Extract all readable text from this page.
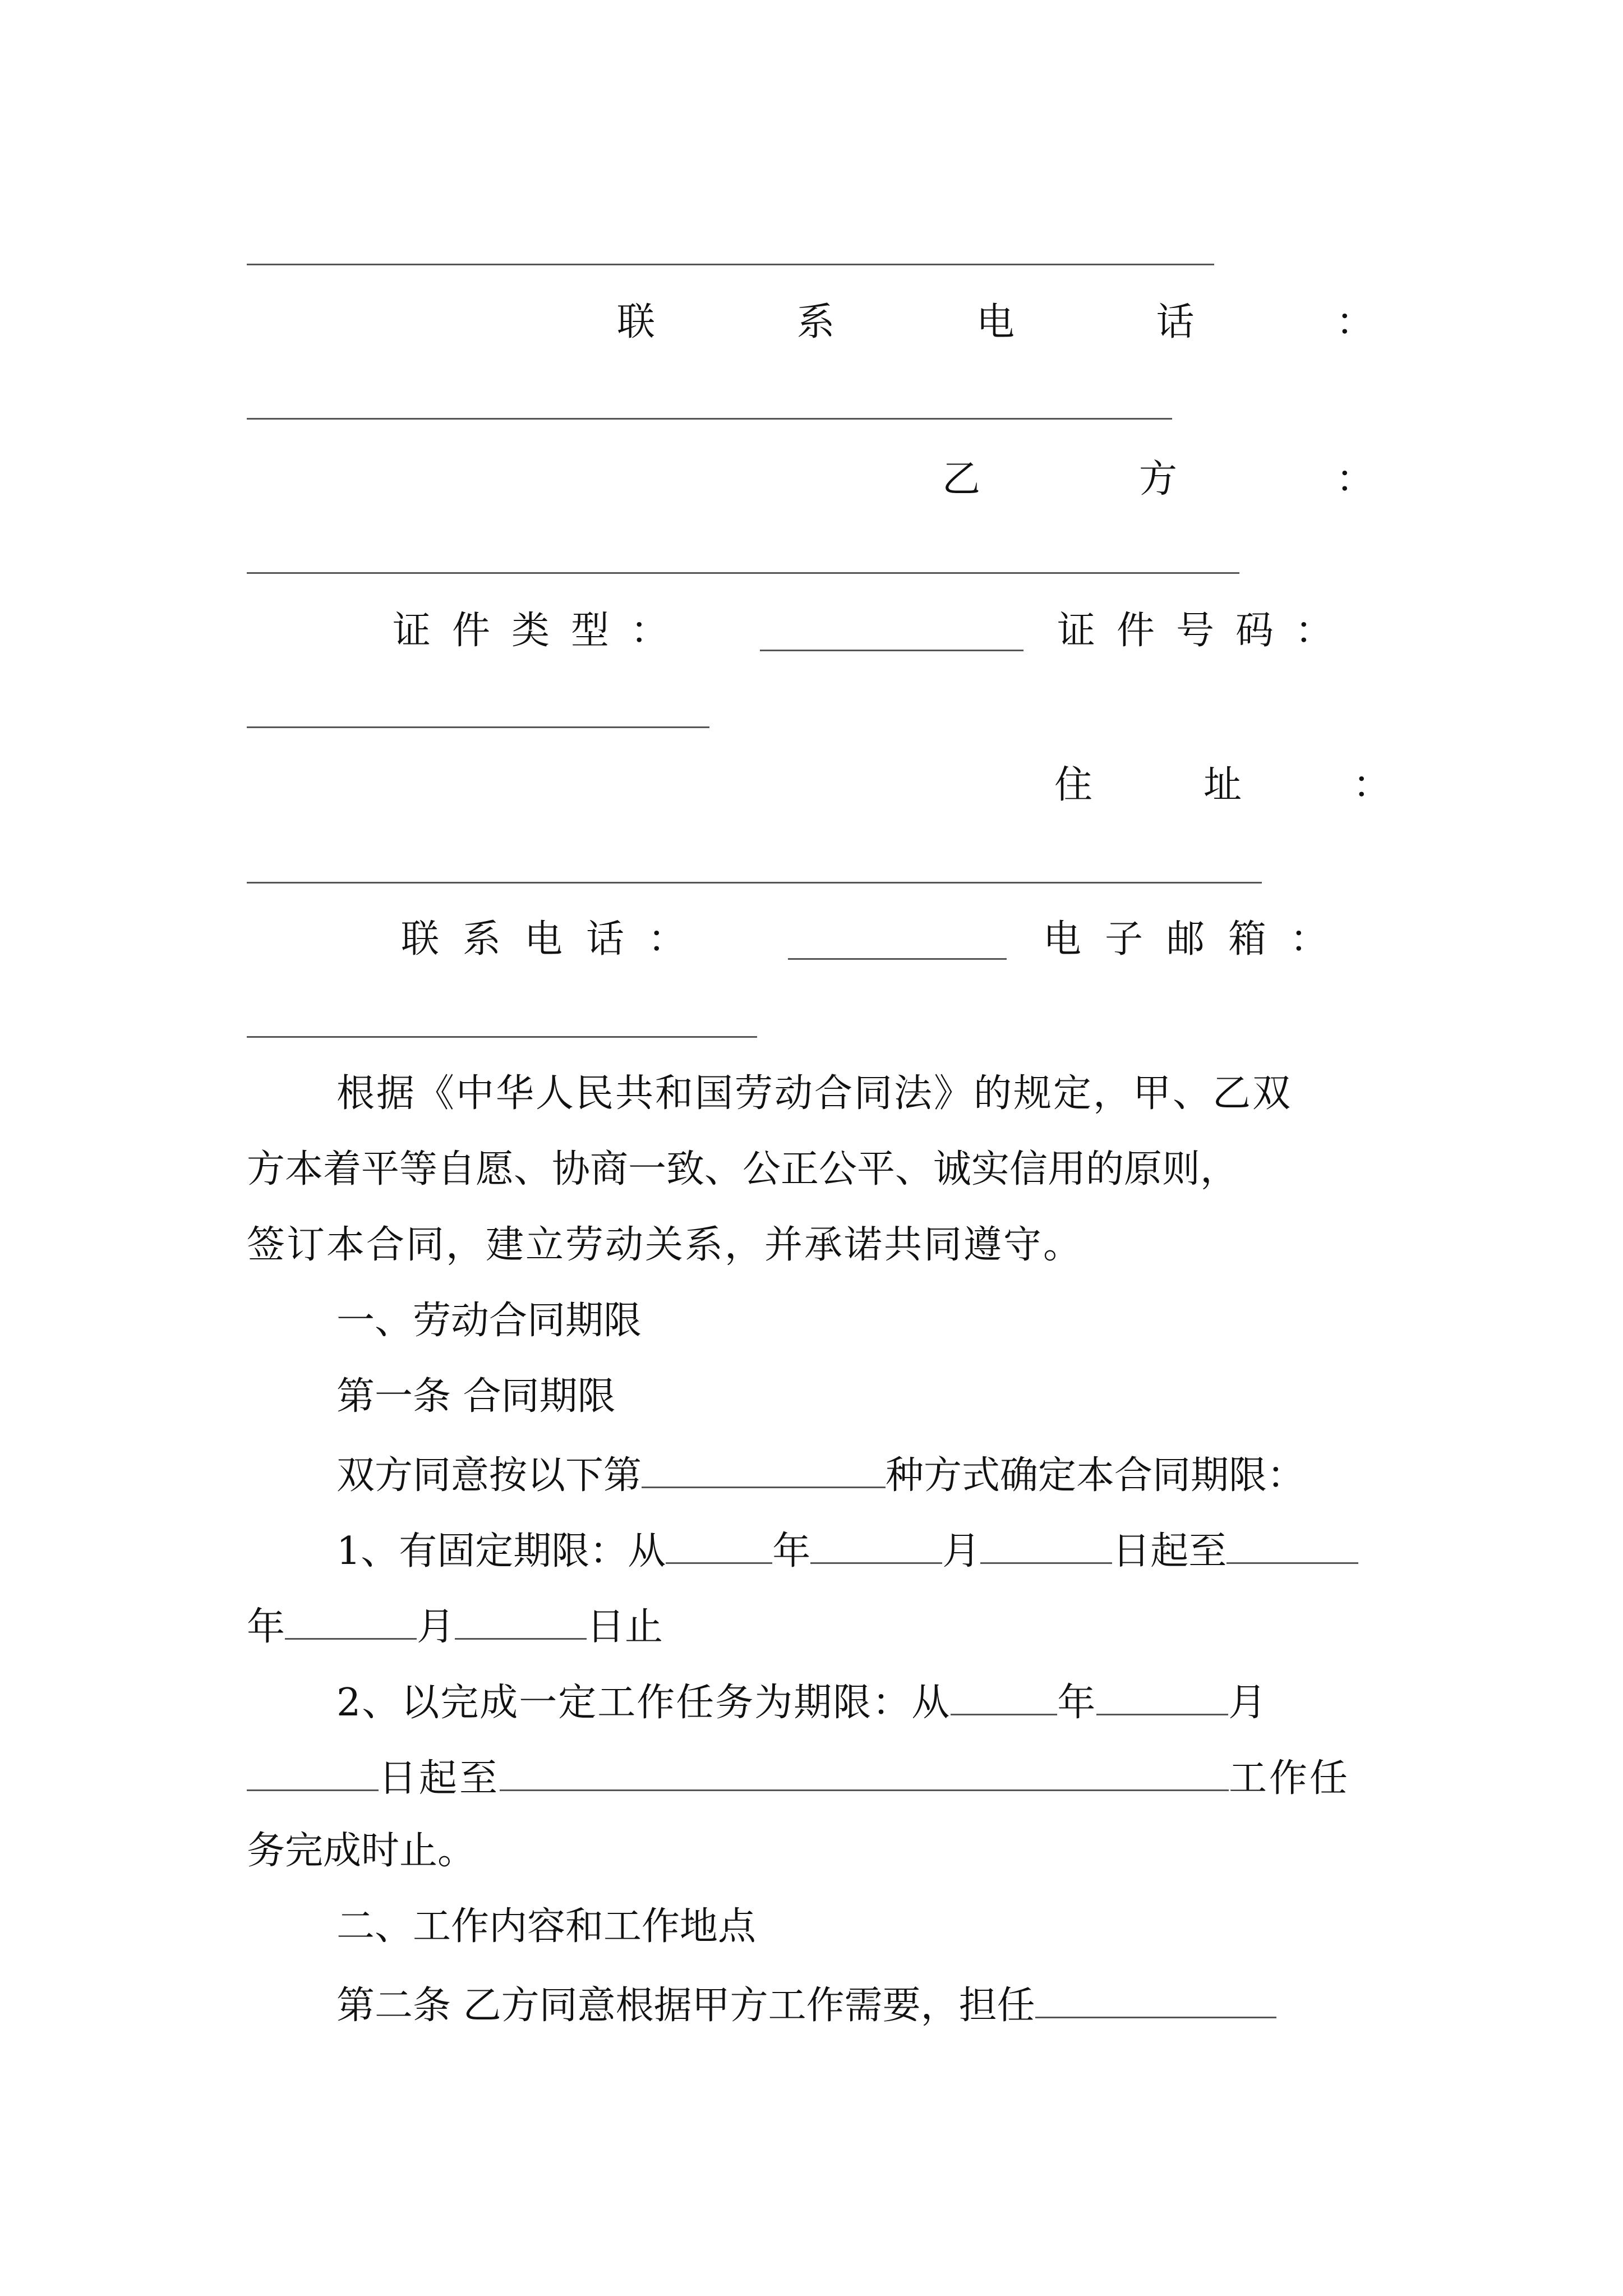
联	系	电	话	：
乙	方	：
证件类型：	证件号码：
住	址	：
联系电话：	电子邮箱：
根据《中华人民共和国劳动合同法》的规定，甲、乙双
方本着平等自愿、协商一致、公正公平、诚实信用的原则，
签订本合同，建立劳动关系，并承诺共同遵守。
一、劳动合同期限
第一条 合同期限
双方同意按以下第	种方式确定本合同期限：
1、有固定期限：从	年	月	日起至
年	月	日止
2、以完成一定工作任务为期限：从	年	月
日起至	工作任
务完成时止。
二、工作内容和工作地点
第二条 乙方同意根据甲方工作需要，担任
